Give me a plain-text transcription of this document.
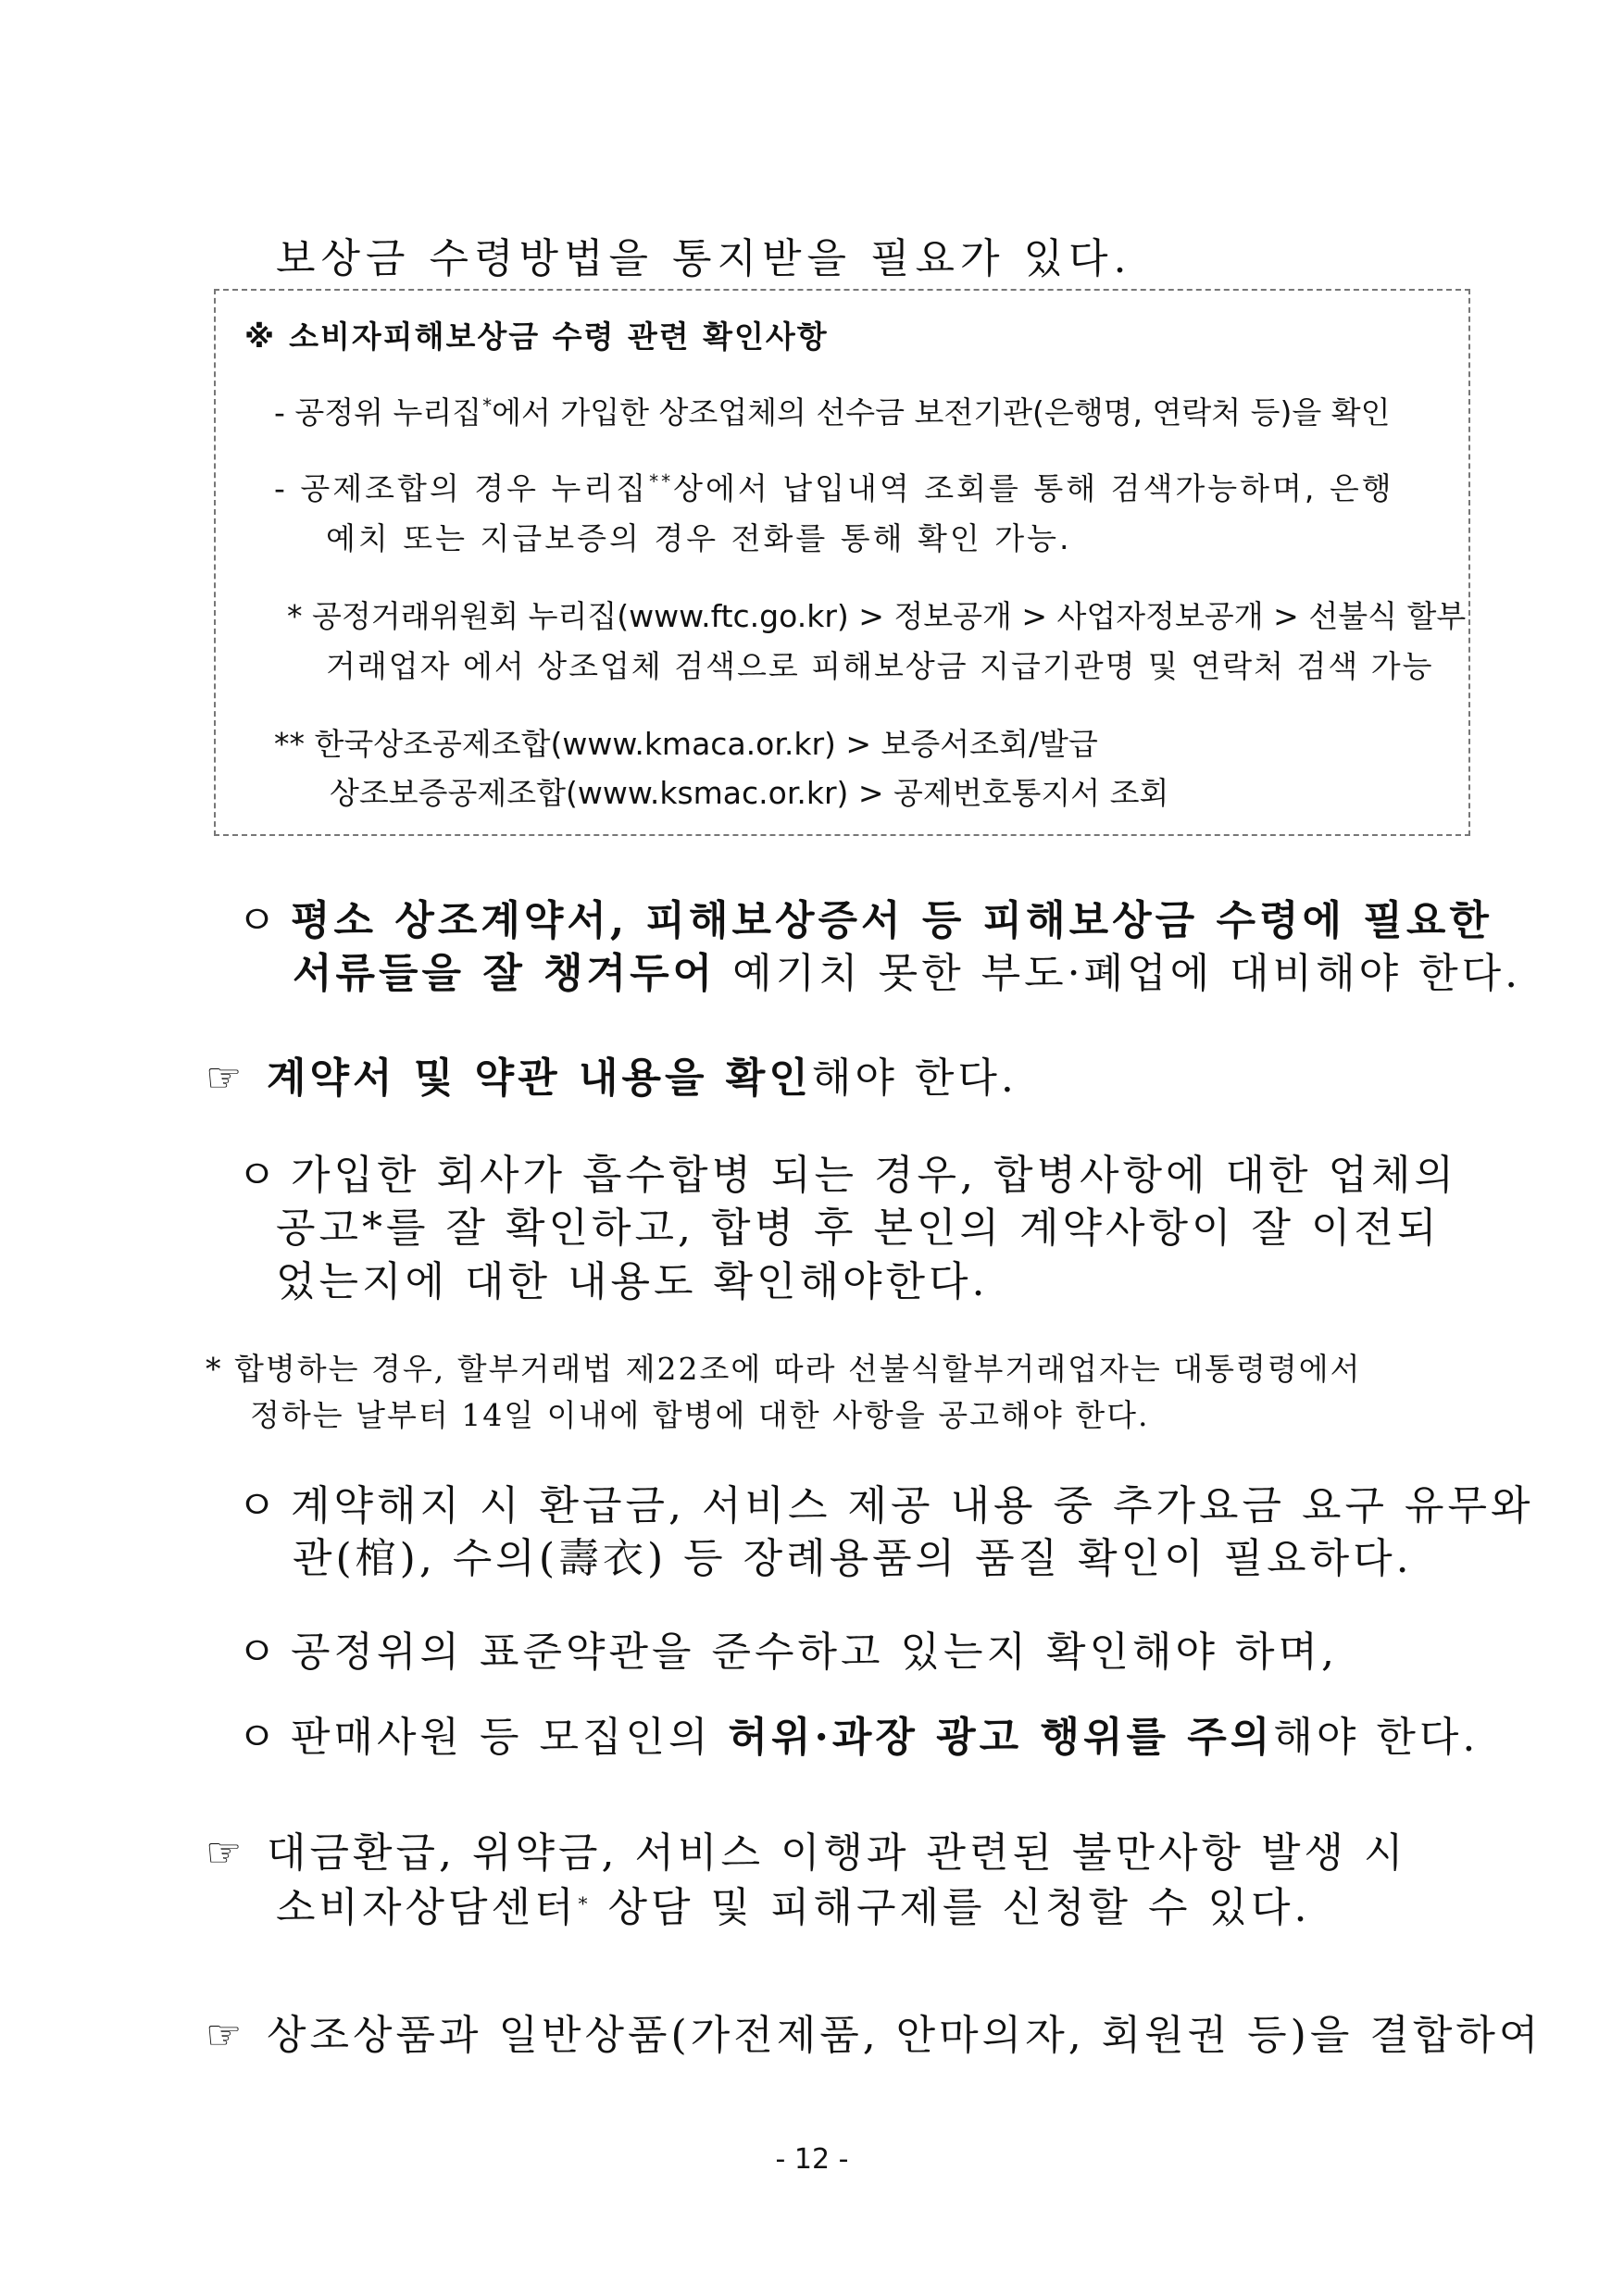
보상금 수령방법을 통지받을 필요가 있다.
※ 소비자피해보상금 수령 관련 확인사항
- 공정위 누리집*에서 가입한 상조업체의 선수금 보전기관(은행명, 연락처 등)을 확인
- 공제조합의 경우 누리집**상에서 납입내역 조회를 통해 검색가능하며, 은행
예치 또는 지급보증의 경우 전화를 통해 확인 가능.
* 공정거래위원회 누리집(www.ftc.go.kr) > 정보공개 > 사업자정보공개 > 선불식 할부
거래업자 에서 상조업체 검색으로 피해보상금 지급기관명 및 연락처 검색 가능
** 한국상조공제조합(www.kmaca.or.kr) > 보증서조회/발급
상조보증공제조합(www.ksmac.or.kr) > 공제번호통지서 조회
ㅇ 평소 상조계약서, 피해보상증서 등 피해보상금 수령에 필요한
서류들을 잘 챙겨두어 예기치 못한 부도·폐업에 대비해야 한다.
☞ 계약서 및 약관 내용을 확인해야 한다.
ㅇ 가입한 회사가 흡수합병 되는 경우, 합병사항에 대한 업체의
공고*를 잘 확인하고, 합병 후 본인의 계약사항이 잘 이전되
었는지에 대한 내용도 확인해야한다.
* 합병하는 경우, 할부거래법 제22조에 따라 선불식할부거래업자는 대통령령에서
정하는 날부터 14일 이내에 합병에 대한 사항을 공고해야 한다.
ㅇ 계약해지 시 환급금, 서비스 제공 내용 중 추가요금 요구 유무와
관(棺), 수의(壽衣) 등 장례용품의 품질 확인이 필요하다.
ㅇ 공정위의 표준약관을 준수하고 있는지 확인해야 하며,
ㅇ 판매사원 등 모집인의 허위·과장 광고 행위를 주의해야 한다.
☞ 대금환급, 위약금, 서비스 이행과 관련된 불만사항 발생 시
소비자상담센터* 상담 및 피해구제를 신청할 수 있다.
☞ 상조상품과 일반상품(가전제품, 안마의자, 회원권 등)을 결합하여
- 12 -
